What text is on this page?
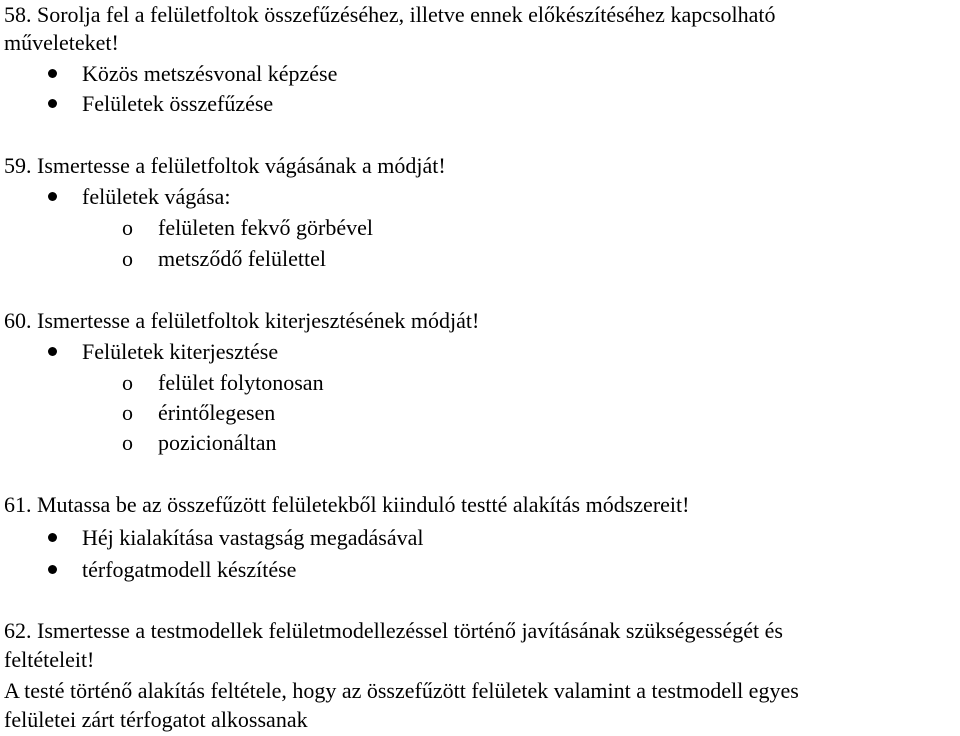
58. Sorolja fel a felületfoltok összefűzéséhez, illetve ennek előkészítéséhez kapcsolható
műveleteket!
Közös metszésvonal képzése
Felületek összefűzése
59. Ismertesse a felületfoltok vágásának a módját!
felületek vágása:
o felületen fekvő görbével
o metsződő felülettel
60. Ismertesse a felületfoltok kiterjesztésének módját!
Felületek kiterjesztése
o felület folytonosan
o érintőlegesen
o pozicionáltan
61. Mutassa be az összefűzött felületekből kiinduló testté alakítás módszereit!
Héj kialakítása vastagság megadásával
térfogatmodell készítése
62. Ismertesse a testmodellek felületmodellezéssel történő javításának szükségességét és
feltételeit!
A testé történő alakítás feltétele, hogy az összefűzött felületek valamint a testmodell egyes
felületei zárt térfogatot alkossanak
